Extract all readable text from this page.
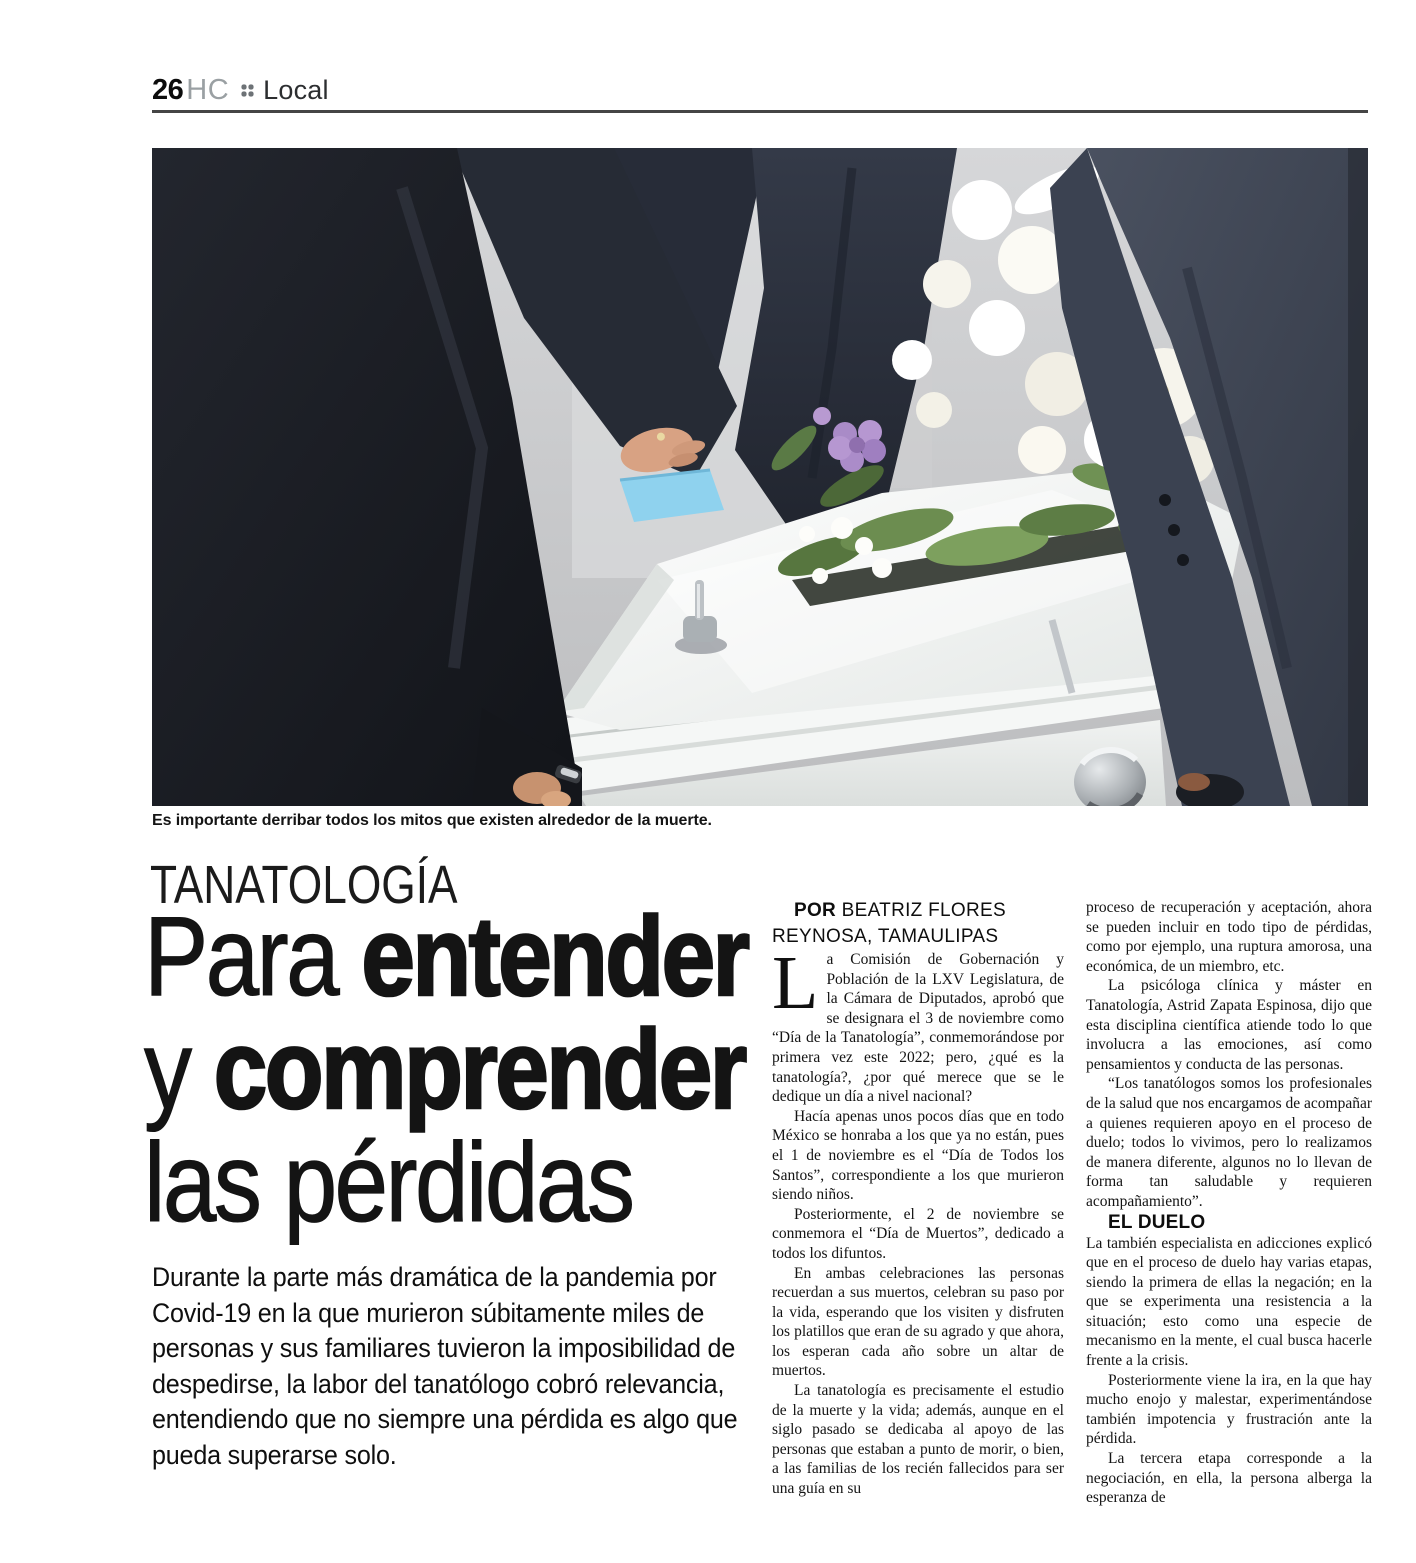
26 HC Local
Es importante derribar todos los mitos que existen alrededor de la muerte.
TANATOLOGÍA
Para entender
y comprender
las pérdidas
Durante la parte más dramática de la pandemia por Covid-19 en la que murieron súbitamente miles de personas y sus familiares tuvieron la imposibilidad de despedirse, la labor del tanatólogo cobró relevancia, entendiendo que no siempre una pérdida es algo que pueda superarse solo.

POR BEATRIZ FLORES
REYNOSA, TAMAULIPAS

La Comisión de Gobernación y Población de la LXV Legislatura, de la Cámara de Diputados, aprobó que se designara el 3 de noviembre como “Día de la Tanatología”, conmemorándose por primera vez este 2022; pero, ¿qué es la tanatología?, ¿por qué merece que se le dedique un día a nivel nacional?

Hacía apenas unos pocos días que en todo México se honraba a los que ya no están, pues el 1 de noviembre es el “Día de Todos los Santos”, correspondiente a los que murieron siendo niños.

Posteriormente, el 2 de noviembre se conmemora el “Día de Muertos”, dedicado a todos los difuntos.

En ambas celebraciones las personas recuerdan a sus muertos, celebran su paso por la vida, esperando que los visiten y disfruten los platillos que eran de su agrado y que ahora, los esperan cada año sobre un altar de muertos.

La tanatología es precisamente el estudio de la muerte y la vida; además, aunque en el siglo pasado se dedicaba al apoyo de las personas que estaban a punto de morir, o bien, a las familias de los recién fallecidos para ser una guía en su

proceso de recuperación y aceptación, ahora se pueden incluir en todo tipo de pérdidas, como por ejemplo, una ruptura amorosa, una económica, de un miembro, etc.

La psicóloga clínica y máster en Tanatología, Astrid Zapata Espinosa, dijo que esta disciplina científica atiende todo lo que involucra a las emociones, así como pensamientos y conducta de las personas.

“Los tanatólogos somos los profesionales de la salud que nos encargamos de acompañar a quienes requieren apoyo en el proceso de duelo; todos lo vivimos, pero lo realizamos de manera diferente, algunos no lo llevan de forma tan saludable y requieren acompañamiento”.

EL DUELO

La también especialista en adicciones explicó que en el proceso de duelo hay varias etapas, siendo la primera de ellas la negación; en la que se experimenta una resistencia a la situación; esto como una especie de mecanismo en la mente, el cual busca hacerle frente a la crisis.

Posteriormente viene la ira, en la que hay mucho enojo y malestar, experimentándose también impotencia y frustración ante la pérdida.

La tercera etapa corresponde a la negociación, en ella, la persona alberga la esperanza de
